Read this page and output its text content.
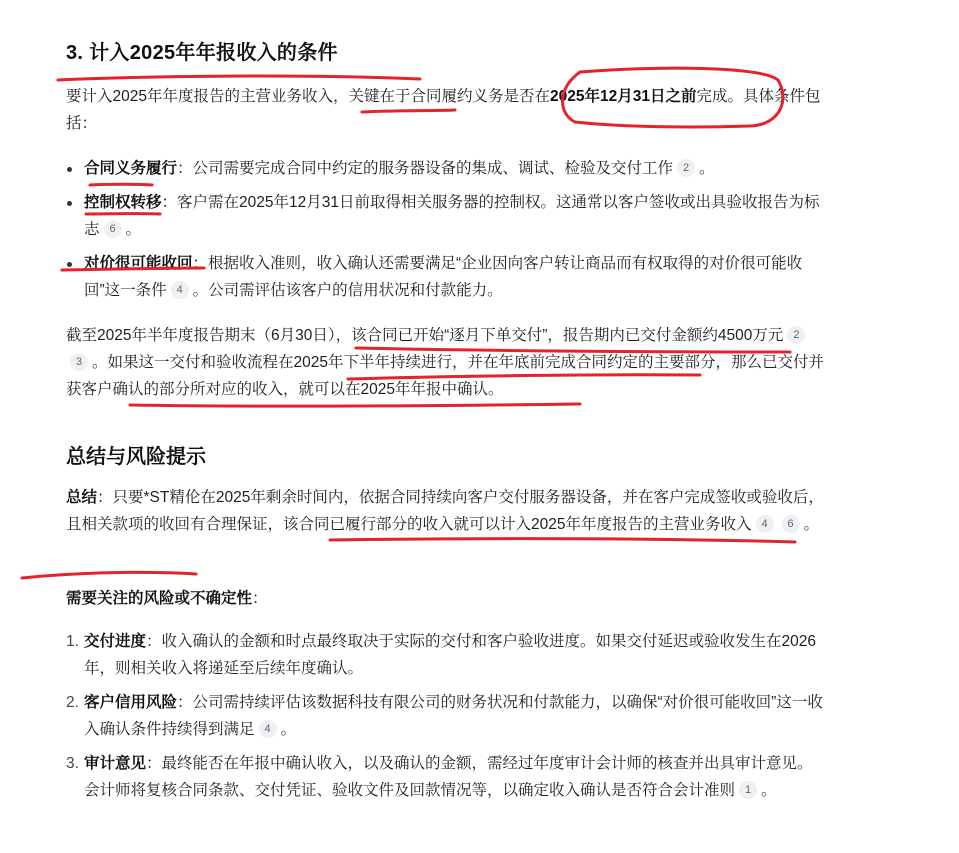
3. 计入2025年年报收入的条件

要计入2025年年度报告的主营业务收入，关键在于合同履约义务是否在2025年12月31日之前完成。具体条件包括：

合同义务履行：公司需要完成合同中约定的服务器设备的集成、调试、检验及交付工作 2 。
控制权转移：客户需在2025年12月31日前取得相关服务器的控制权。这通常以客户签收或出具验收报告为标志 6 。
对价很可能收回：根据收入准则，收入确认还需要满足“企业因向客户转让商品而有权取得的对价很可能收回”这一条件 4 。公司需评估该客户的信用状况和付款能力。

截至2025年半年度报告期末（6月30日），该合同已开始“逐月下单交付”，报告期内已交付金额约4500万元 23 。如果这一交付和验收流程在2025年下半年持续进行，并在年底前完成合同约定的主要部分，那么已交付并获客户确认的部分所对应的收入，就可以在2025年年报中确认。

总结与风险提示

总结：只要*ST精伦在2025年剩余时间内，依据合同持续向客户交付服务器设备，并在客户完成签收或验收后，且相关款项的收回有合理保证，该合同已履行部分的收入就可以计入2025年年度报告的主营业务收入 4 6 。

需要关注的风险或不确定性：

1. 交付进度：收入确认的金额和时点最终取决于实际的交付和客户验收进度。如果交付延迟或验收发生在2026年，则相关收入将递延至后续年度确认。
2. 客户信用风险：公司需持续评估该数据科技有限公司的财务状况和付款能力，以确保“对价很可能收回”这一收入确认条件持续得到满足 4 。
3. 审计意见：最终能否在年报中确认收入，以及确认的金额，需经过年度审计会计师的核查并出具审计意见。会计师将复核合同条款、交付凭证、验收文件及回款情况等，以确定收入确认是否符合会计准则 1 。
